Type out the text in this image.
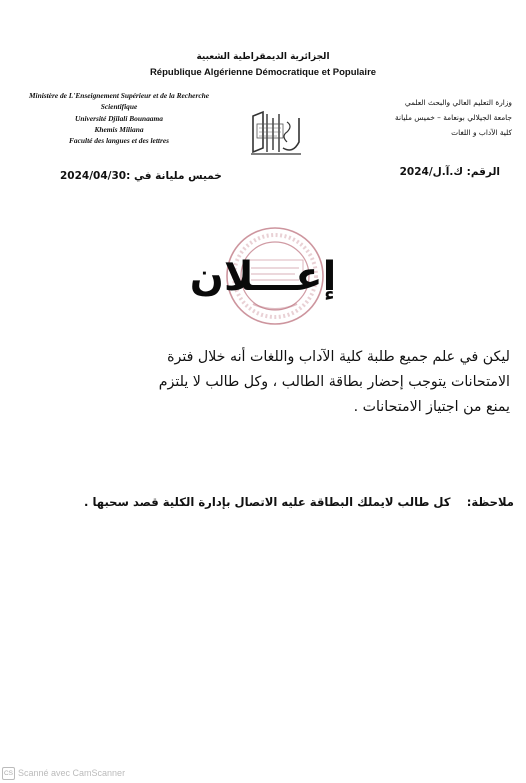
الجزائرية الديمقراطية الشعبية
République Algérienne Démocratique et Populaire
Ministère de L'Enseignement Supérieur et de la Recherche
Scientifique
Université Djilali Bounaama
Khemis Miliana
Faculté des langues et des lettres
وزارة التعليم العالي والبحث العلمي
جامعة الجيلالي بونعامة – خميس مليانة
كلية الآداب و اللغات
الرقم: ك.آ.ل/2024
خميس مليانة في :2024/04/30
إعـــلان
ليكن في علم جميع طلبة كلية الآداب واللغات أنه خلال فترة
الامتحانات يتوجب إحضار بطاقة الطالب ، وكل طالب لا يلتزم
يمنع من اجتياز الامتحانات .
ملاحظة:    كل طالب لايملك البطاقة عليه الاتصال بإدارة الكلية قصد سحبها .
CS Scanné avec CamScanner
